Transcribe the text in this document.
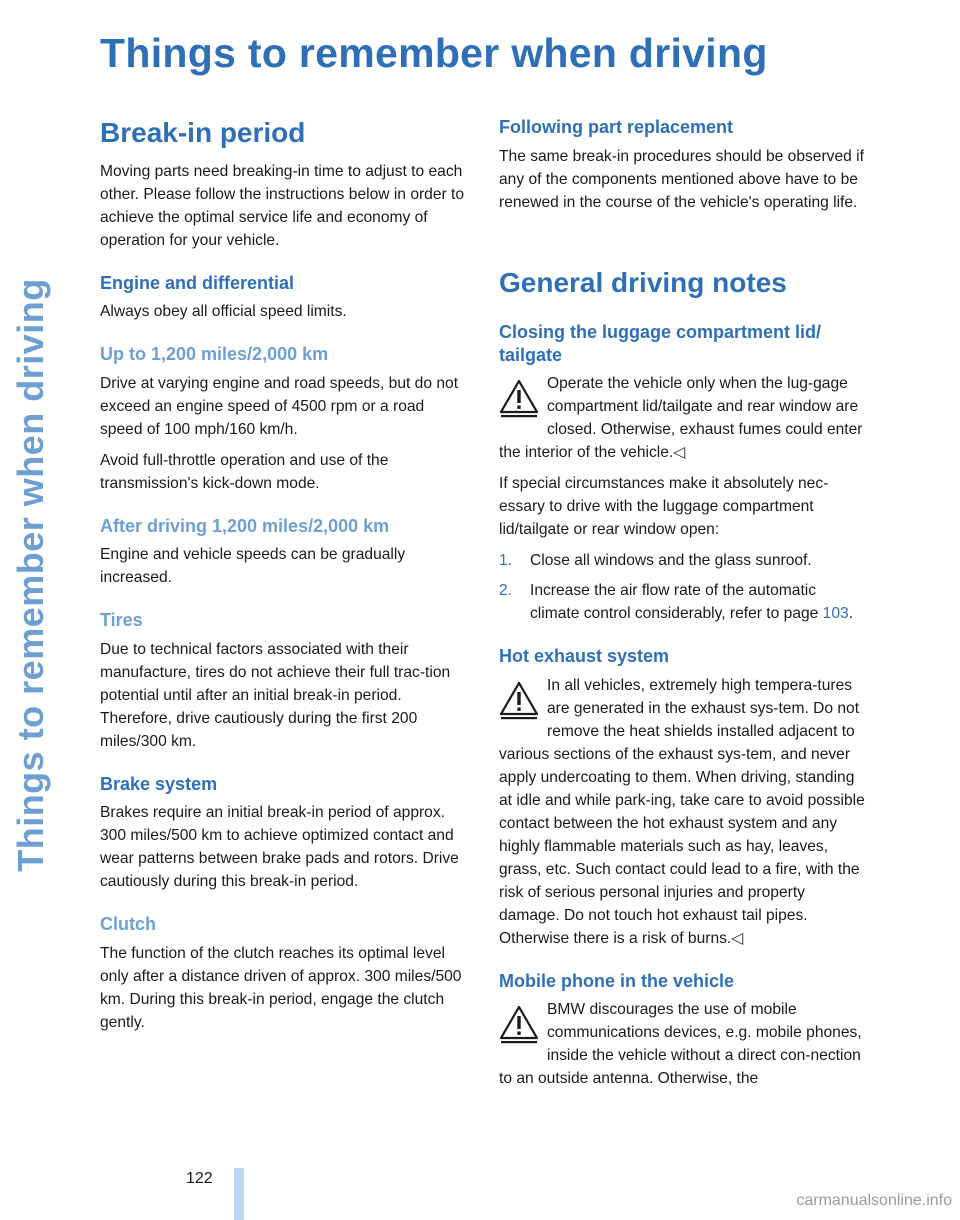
Things to remember when driving
Things to remember when driving
Break-in period

Moving parts need breaking-in time to adjust to each other. Please follow the instructions below in order to achieve the optimal service life and economy of operation for your vehicle.

Engine and differential

Always obey all official speed limits.

Up to 1,200 miles/2,000 km

Drive at varying engine and road speeds, but do not exceed an engine speed of 4500 rpm or a road speed of 100 mph/160 km/h.

Avoid full-throttle operation and use of the transmission's kick-down mode.

After driving 1,200 miles/2,000 km

Engine and vehicle speeds can be gradually increased.

Tires

Due to technical factors associated with their manufacture, tires do not achieve their full trac-tion potential until after an initial break-in period. Therefore, drive cautiously during the first 200 miles/300 km.

Brake system

Brakes require an initial break-in period of approx. 300 miles/500 km to achieve optimized contact and wear patterns between brake pads and rotors. Drive cautiously during this break-in period.

Clutch

The function of the clutch reaches its optimal level only after a distance driven of approx. 300 miles/500 km. During this break-in period, engage the clutch gently.

Following part replacement

The same break-in procedures should be observed if any of the components mentioned above have to be renewed in the course of the vehicle's operating life.

General driving notes
Closing the luggage compartment lid/ tailgate

Operate the vehicle only when the lug-gage compartment lid/tailgate and rear window are closed. Otherwise, exhaust fumes could enter the interior of the vehicle.◁

If special circumstances make it absolutely nec-essary to drive with the luggage compartment lid/tailgate or rear window open:

1. Close all windows and the glass sunroof.
2. Increase the air flow rate of the automatic climate control considerably, refer to page 103.
Hot exhaust system

In all vehicles, extremely high tempera-tures are generated in the exhaust sys-tem. Do not remove the heat shields installed adjacent to various sections of the exhaust sys-tem, and never apply undercoating to them. When driving, standing at idle and while park-ing, take care to avoid possible contact between the hot exhaust system and any highly flammable materials such as hay, leaves, grass, etc. Such contact could lead to a fire, with the risk of serious personal injuries and property damage. Do not touch hot exhaust tail pipes. Otherwise there is a risk of burns.◁

Mobile phone in the vehicle

BMW discourages the use of mobile communications devices, e.g. mobile phones, inside the vehicle without a direct con-nection to an outside antenna. Otherwise, the

122
carmanualsonline.info
